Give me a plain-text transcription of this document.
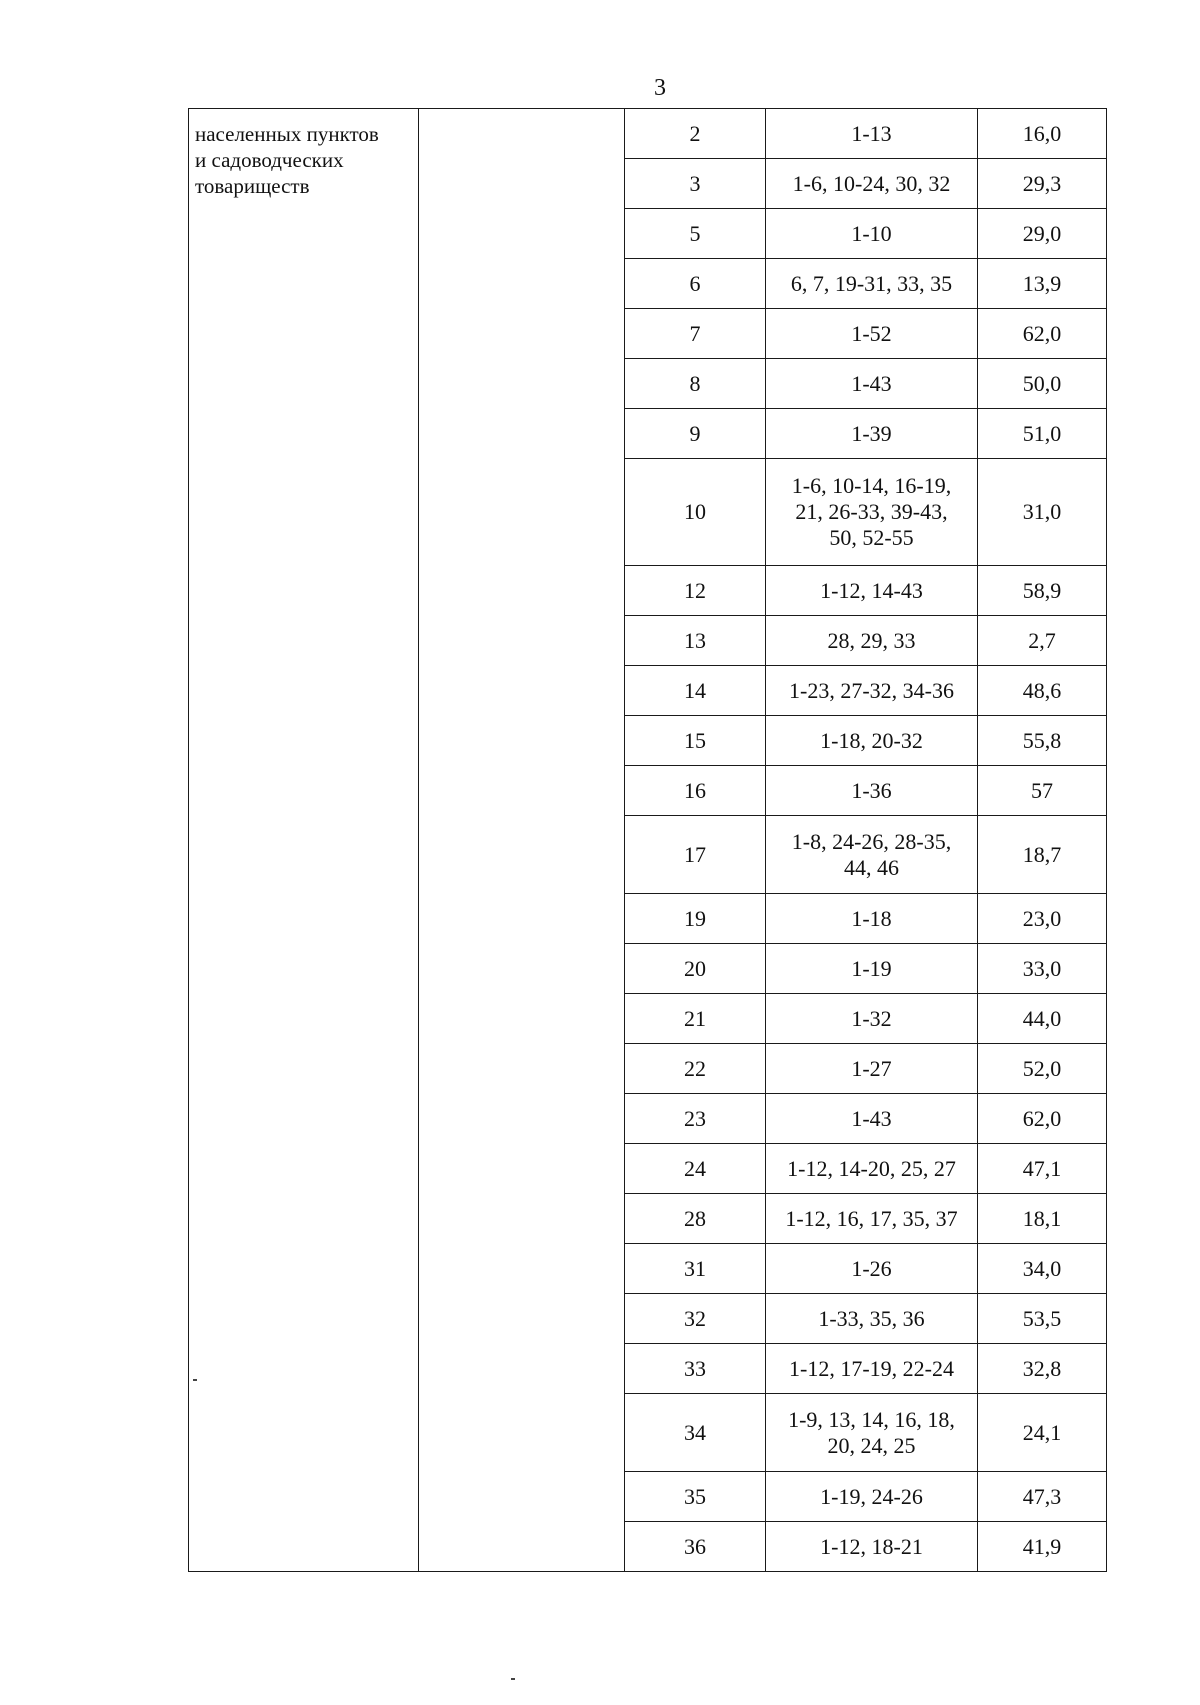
3
населенных пунктов
и садоводческих
товариществ		2	1-13	16,0
		3	1-6, 10-24, 30, 32	29,3
		5	1-10	29,0
		6	6, 7, 19-31, 33, 35	13,9
		7	1-52	62,0
		8	1-43	50,0
		9	1-39	51,0
		10	1-6, 10-14, 16-19,
21, 26-33, 39-43,
50, 52-55	31,0
		12	1-12, 14-43	58,9
		13	28, 29, 33	2,7
		14	1-23, 27-32, 34-36	48,6
		15	1-18, 20-32	55,8
		16	1-36	57
		17	1-8, 24-26, 28-35,
44, 46	18,7
		19	1-18	23,0
		20	1-19	33,0
		21	1-32	44,0
		22	1-27	52,0
		23	1-43	62,0
		24	1-12, 14-20, 25, 27	47,1
		28	1-12, 16, 17, 35, 37	18,1
		31	1-26	34,0
		32	1-33, 35, 36	53,5
		33	1-12, 17-19, 22-24	32,8
		34	1-9, 13, 14, 16, 18,
20, 24, 25	24,1
		35	1-19, 24-26	47,3
		36	1-12, 18-21	41,9
